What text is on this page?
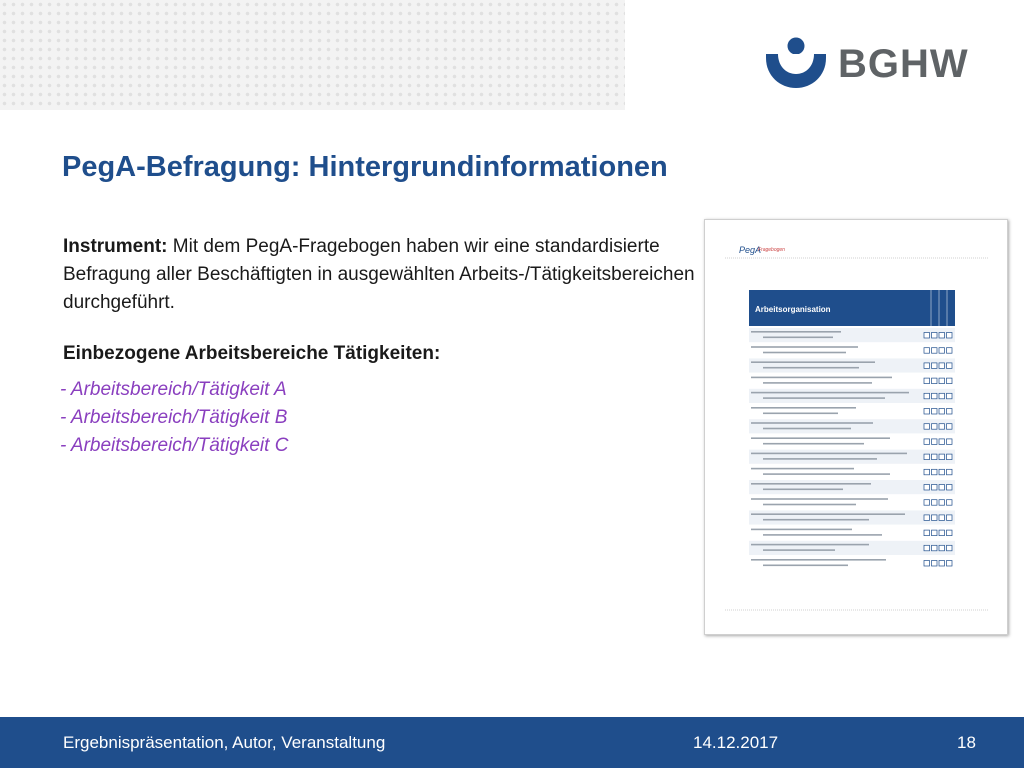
BGHW
PegA-Befragung: Hintergrundinformationen
Instrument: Mit dem PegA-Fragebogen haben wir eine standardisierte Befragung aller Beschäftigten in ausgewählten Arbeits-/Tätigkeitsbereichen durchgeführt.
Einbezogene Arbeitsbereiche Tätigkeiten:
- Arbeitsbereich/Tätigkeit A
- Arbeitsbereich/Tätigkeit B
- Arbeitsbereich/Tätigkeit C
PegA
Fragebogen
Arbeitsorganisation
Ergebnispräsentation, Autor, Veranstaltung	14.12.2017	18
